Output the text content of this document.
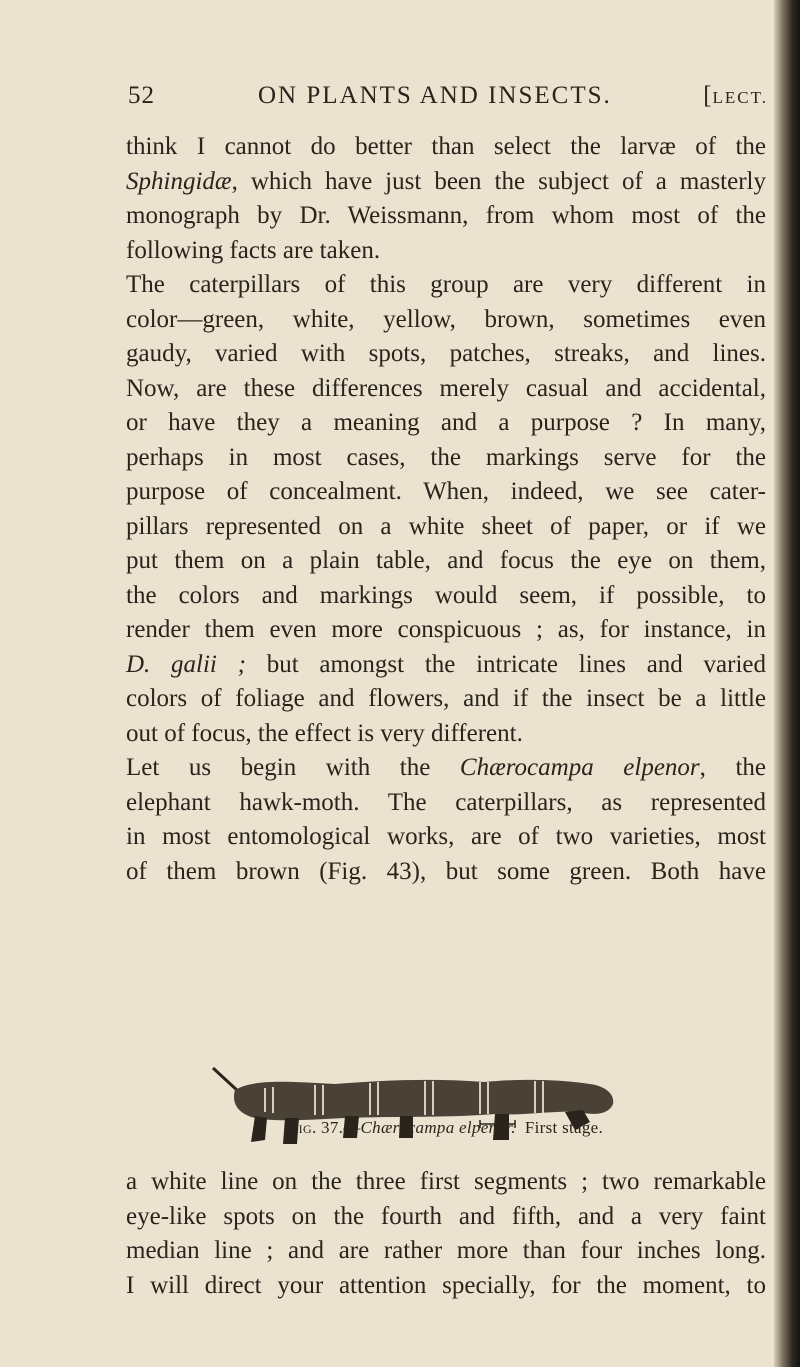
52	ON PLANTS AND INSECTS.	[LECT.
think I cannot do better than select the larvæ of the
Sphingidæ, which have just been the subject of a masterly
monograph by Dr. Weissmann, from whom most of the
following facts are taken.
The caterpillars of this group are very different in
color—green, white, yellow, brown, sometimes even
gaudy, varied with spots, patches, streaks, and lines.
Now, are these differences merely casual and accidental,
or have they a meaning and a purpose ? In many,
perhaps in most cases, the markings serve for the
purpose of concealment. When, indeed, we see cater-
pillars represented on a white sheet of paper, or if we
put them on a plain table, and focus the eye on them,
the colors and markings would seem, if possible, to
render them even more conspicuous ; as, for instance, in
D. galii ; but amongst the intricate lines and varied
colors of foliage and flowers, and if the insect be a little
out of focus, the effect is very different.
Let us begin with the Chærocampa elpenor, the
elephant hawk-moth. The caterpillars, as represented
in most entomological works, are of two varieties, most
of them brown (Fig. 43), but some green. Both have
Fig. 37.—Chærocampa elpenor. First stage.
a white line on the three first segments ; two remarkable
eye-like spots on the fourth and fifth, and a very faint
median line ; and are rather more than four inches long.
I will direct your attention specially, for the moment, to
